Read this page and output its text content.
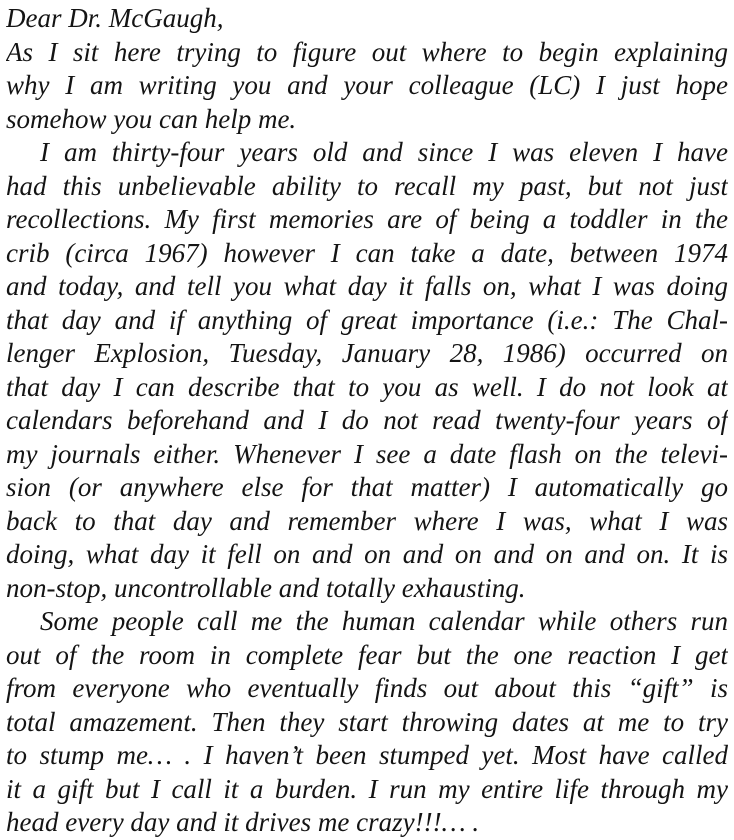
Dear Dr. McGaugh,
As I sit here trying to figure out where to begin explaining
why I am writing you and your colleague (LC) I just hope
somehow you can help me.
I am thirty-four years old and since I was eleven I have
had this unbelievable ability to recall my past, but not just
recollections. My first memories are of being a toddler in the
crib (circa 1967) however I can take a date, between 1974
and today, and tell you what day it falls on, what I was doing
that day and if anything of great importance (i.e.: The Chal-
lenger Explosion, Tuesday, January 28, 1986) occurred on
that day I can describe that to you as well. I do not look at
calendars beforehand and I do not read twenty-four years of
my journals either. Whenever I see a date flash on the televi-
sion (or anywhere else for that matter) I automatically go
back to that day and remember where I was, what I was
doing, what day it fell on and on and on and on and on. It is
non-stop, uncontrollable and totally exhausting.
Some people call me the human calendar while others run
out of the room in complete fear but the one reaction I get
from everyone who eventually finds out about this “gift” is
total amazement. Then they start throwing dates at me to try
to stump me… . I haven’t been stumped yet. Most have called
it a gift but I call it a burden. I run my entire life through my
head every day and it drives me crazy!!!… .
